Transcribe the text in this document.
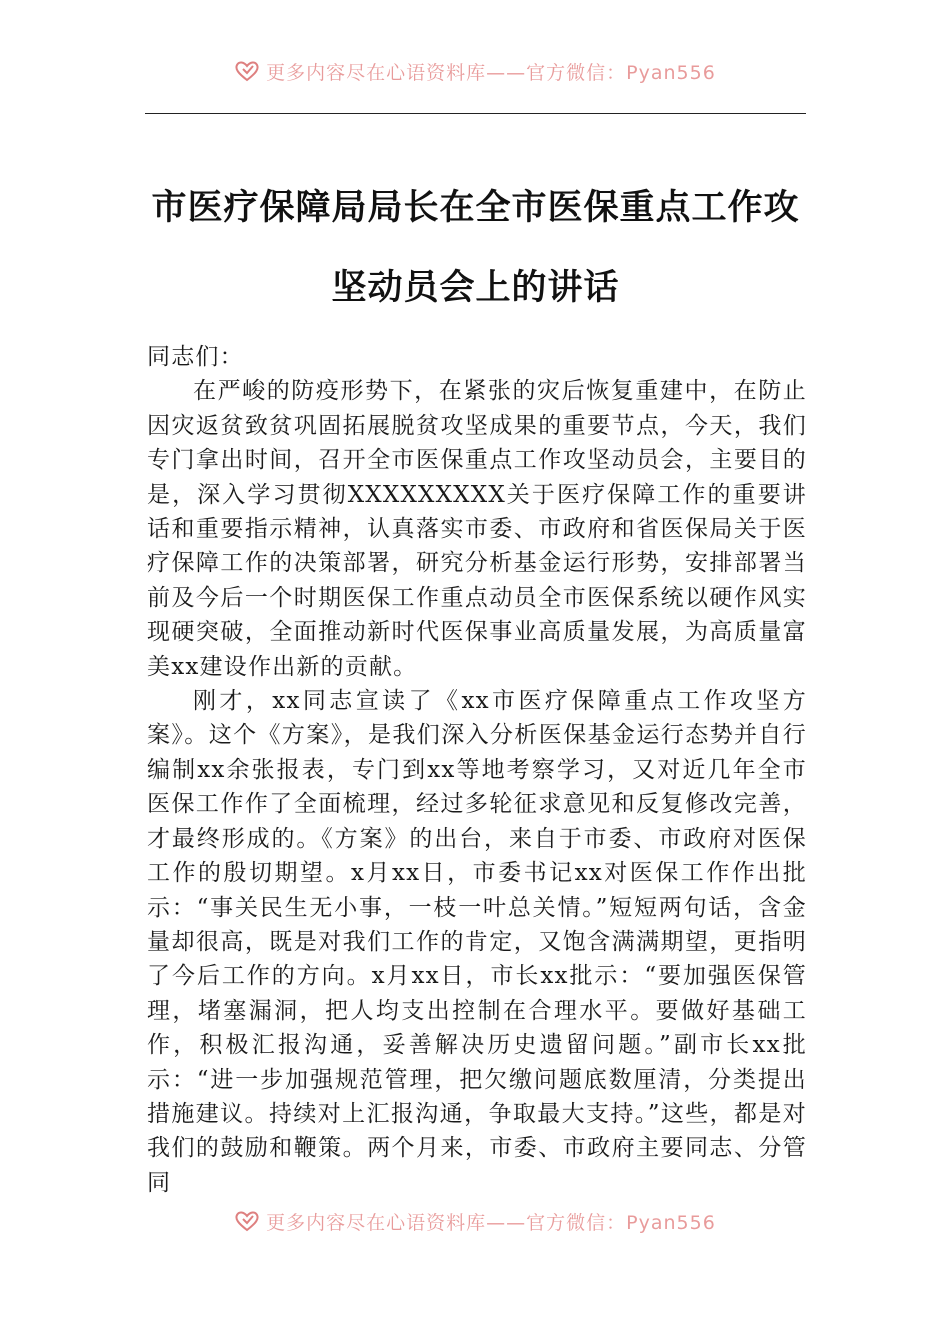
更多内容尽在心语资料库——官方微信：Pyan556
市医疗保障局局长在全市医保重点工作攻
坚动员会上的讲话

同志们：

在严峻的防疫形势下，在紧张的灾后恢复重建中，在防止因灾返贫致贫巩固拓展脱贫攻坚成果的重要节点，今天，我们专门拿出时间，召开全市医保重点工作攻坚动员会，主要目的是，深入学习贯彻XXXXXXXXX关于医疗保障工作的重要讲话和重要指示精神，认真落实市委、市政府和省医保局关于医疗保障工作的决策部署，研究分析基金运行形势，安排部署当前及今后一个时期医保工作重点动员全市医保系统以硬作风实现硬突破，全面推动新时代医保事业高质量发展，为高质量富美xx建设作出新的贡献。

刚才，xx同志宣读了《xx市医疗保障重点工作攻坚方案》。这个《方案》，是我们深入分析医保基金运行态势并自行编制xx余张报表，专门到xx等地考察学习，又对近几年全市医保工作作了全面梳理，经过多轮征求意见和反复修改完善，才最终形成的。《方案》的出台，来自于市委、市政府对医保工作的殷切期望。x月xx日，市委书记xx对医保工作作出批示：“事关民生无小事，一枝一叶总关情。”短短两句话，含金量却很高，既是对我们工作的肯定，又饱含满满期望，更指明了今后工作的方向。x月xx日，市长xx批示：“要加强医保管理，堵塞漏洞，把人均支出控制在合理水平。要做好基础工作，积极汇报沟通，妥善解决历史遗留问题。”副市长xx批示：“进一步加强规范管理，把欠缴问题底数厘清，分类提出措施建议。持续对上汇报沟通，争取最大支持。”这些，都是对我们的鼓励和鞭策。两个月来，市委、市政府主要同志、分管同

更多内容尽在心语资料库——官方微信：Pyan556
